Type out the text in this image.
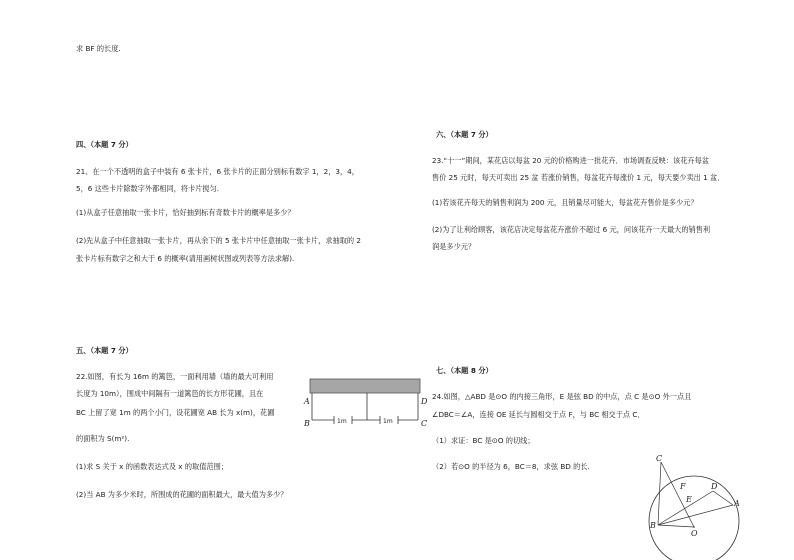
求 BF 的长度.
四、（本题 7 分）
21、在一个不透明的盒子中装有 6 张卡片，6 张卡片的正面分别标有数字 1，2，3，4，
5，6 这些卡片除数字外都相同，将卡片搅匀.
(1)从盒子任意抽取一张卡片，恰好抽到标有奇数卡片的概率是多少？
(2)先从盒子中任意抽取一张卡片，再从余下的 5 张卡片中任意抽取一张卡片，求抽取的 2
张卡片标有数字之和大于 6 的概率(请用画树状图或列表等方法求解).
五、（本题 7 分）
22.如图，有长为 16m 的篱笆，一面利用墙（墙的最大可利用
长度为 10m），围成中间隔有一道篱笆的长方形花圃，且在
BC 上留了宽 1m 的两个小门，设花圃宽 AB 长为 x(m)，花圃
的面积为 S(m²).
(1)求 S 关于 x 的函数表达式及 x 的取值范围；
(2)当 AB 为多少米时，所围成的花圃的面积最大，最大值为多少？
A
B	C
D
1m	1m
六、（本题 7 分）
23.“十一”期间，某花店以每盆 20 元的价格购进一批花卉．市场调查反映：该花卉每盆
售价 25 元时，每天可卖出 25 盆 若涨价销售，每盆花卉每涨价 1 元，每天要少卖出 1 盆．
(1)若该花卉每天的销售利润为 200 元，且销量尽可能大，每盆花卉售价是多少元？
(2)为了让利给顾客，该花店决定每盆花卉涨价不超过 6 元，问该花卉一天最大的销售利
润是多少元？
七、（本题 8 分）
24.如图，△ABD 是⊙O 的内接三角形，E 是弦 BD 的中点，点 C 是⊙O 外一点且
∠DBC＝∠A，连接 OE 延长与圆相交于点 F，与 BC 相交于点 C．
（1）求证：BC 是⊙O 的切线；
（2）若⊙O 的半径为 6，BC＝8，求弦 BD 的长.
C
B
A
D
F
E
O
